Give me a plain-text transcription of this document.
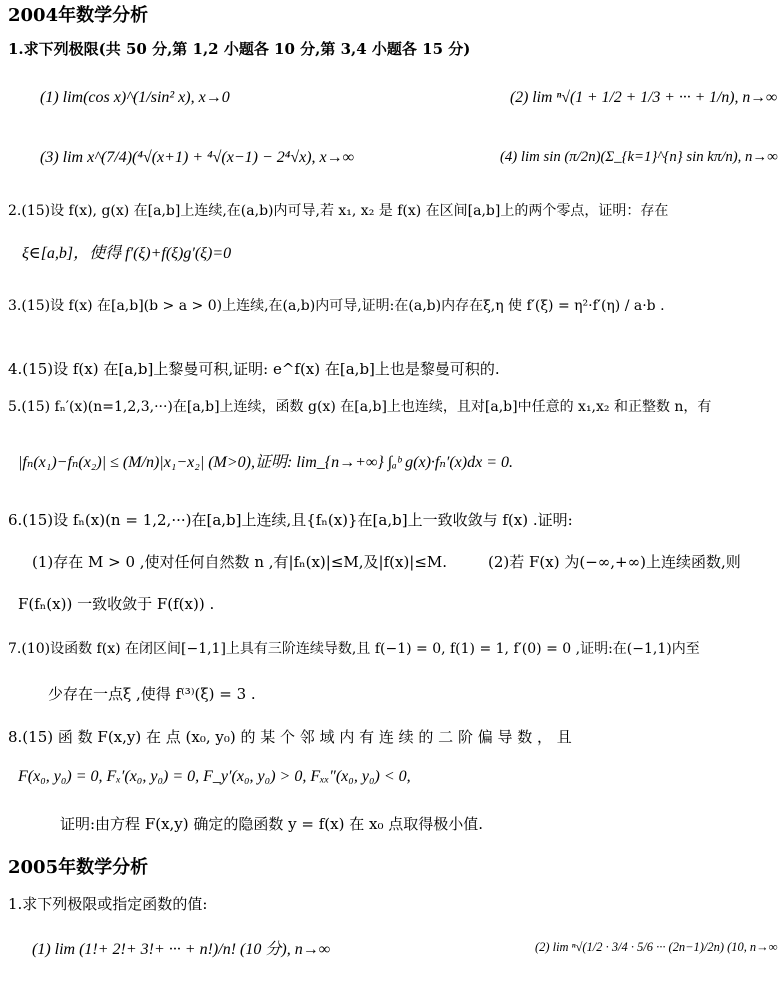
2004年数学分析
1.求下列极限(共 50 分,第 1,2 小题各 10 分,第 3,4 小题各 15 分)
(1) lim(cos x)^(1/sin² x), x→0	(2) lim ⁿ√(1 + 1/2 + 1/3 + ··· + 1/n), n→∞
(3) lim x^(7/4)(⁴√(x+1) + ⁴√(x−1) − 2⁴√x), x→∞	(4) lim sin (π/2n)(Σ_{k=1}^{n} sin kπ/n), n→∞
2.(15)设 f(x), g(x) 在[a,b]上连续,在(a,b)内可导,若 x₁, x₂ 是 f(x) 在区间[a,b]上的两个零点，证明：存在
ξ∈[a,b]，使得 f′(ξ)+f(ξ)g′(ξ)=0
3.(15)设 f(x) 在[a,b](b > a > 0)上连续,在(a,b)内可导,证明:在(a,b)内存在ξ,η 使 f′(ξ) = η²·f′(η) / a·b .
4.(15)设 f(x) 在[a,b]上黎曼可积,证明: e^f(x) 在[a,b]上也是黎曼可积的.
5.(15) fₙ′(x)(n=1,2,3,···)在[a,b]上连续，函数 g(x) 在[a,b]上也连续，且对[a,b]中任意的 x₁,x₂ 和正整数 n，有
|fₙ(x₁)−fₙ(x₂)| ≤ (M/n)|x₁−x₂| (M>0),证明: lim_{n→+∞} ∫ₐᵇ g(x)·fₙ′(x)dx = 0.
6.(15)设 fₙ(x)(n = 1,2,···)在[a,b]上连续,且{fₙ(x)}在[a,b]上一致收敛与 f(x) .证明:
(1)存在 M > 0 ,使对任何自然数 n ,有|fₙ(x)|≤M,及|f(x)|≤M.	(2)若 F(x) 为(−∞,+∞)上连续函数,则
F(fₙ(x)) 一致收敛于 F(f(x)) .
7.(10)设函数 f(x) 在闭区间[−1,1]上具有三阶连续导数,且 f(−1) = 0, f(1) = 1, f′(0) = 0 ,证明:在(−1,1)内至
少存在一点ξ ,使得 f⁽³⁾(ξ) = 3 .
8.(15) 函 数 F(x,y) 在 点 (x₀, y₀) 的 某 个 邻 域 内 有 连 续 的 二 阶 偏 导 数 ， 且
F(x₀, y₀) = 0, Fₓ′(x₀, y₀) = 0, F_y′(x₀, y₀) > 0, Fₓₓ″(x₀, y₀) < 0,
证明:由方程 F(x,y) 确定的隐函数 y = f(x) 在 x₀ 点取得极小值.
2005年数学分析
1.求下列极限或指定函数的值:
(1) lim (1!+ 2!+ 3!+ ··· + n!)/n! (10 分), n→∞	(2) lim ⁿ√(1/2 · 3/4 · 5/6 ··· (2n−1)/2n) (10, n→∞
